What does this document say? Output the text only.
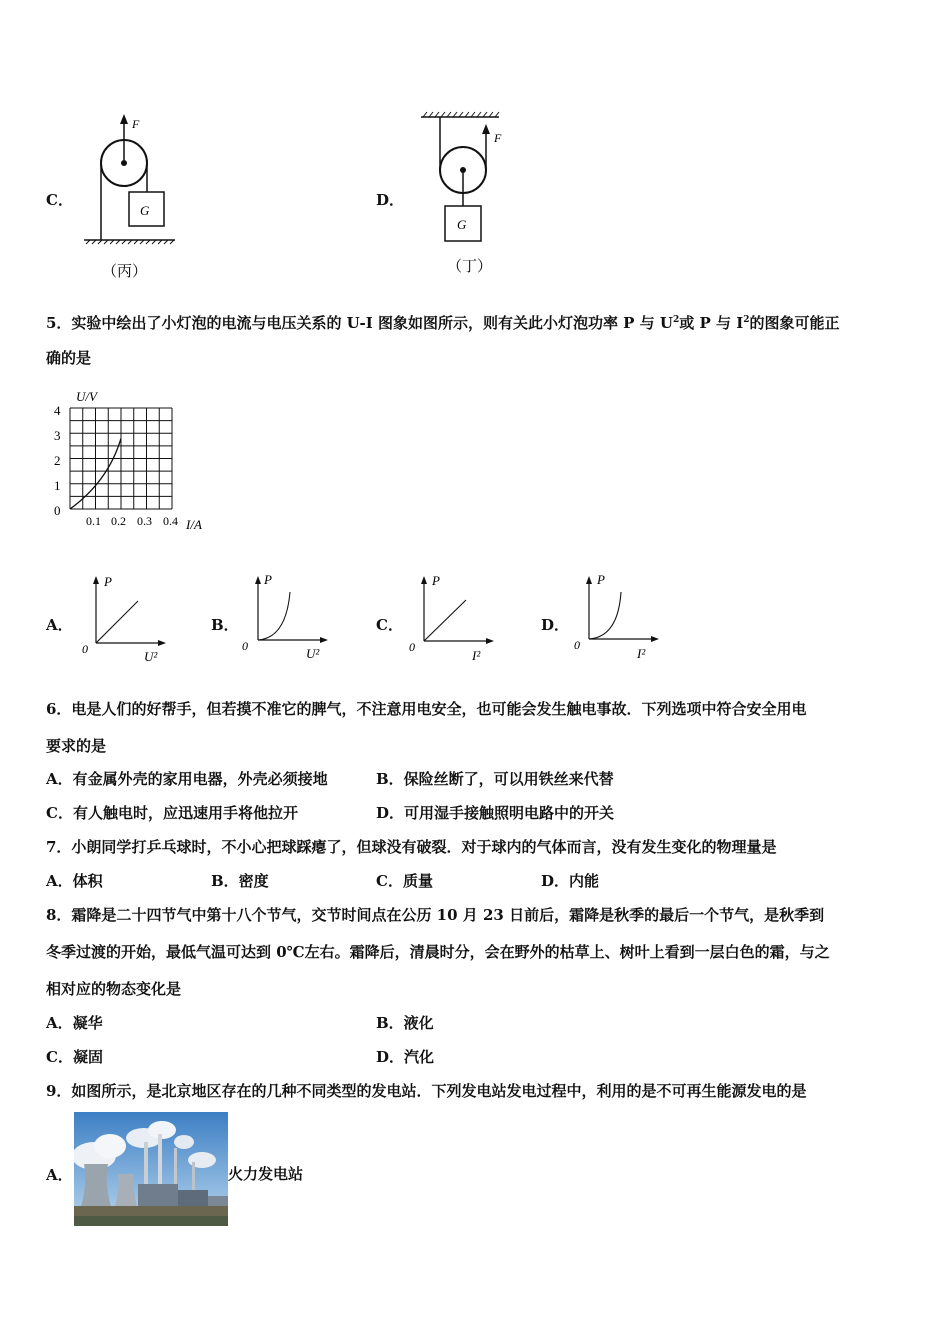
C．
F
G
（丙）
D．
F
G
（丁）
5．实验中绘出了小灯泡的电流与电压关系的 U-I 图象如图所示，则有关此小灯泡功率 P 与 $U^2$或 P 与 $I^2$的图象可能正
确的是
U/V
I/A
4
3
2
1
0
0.1 0.2 0.3 0.4
A．
P
0	U²
B．
P
0	U²
C．
P
0
I²
D．
P
0
I²
6．电是人们的好帮手，但若摸不准它的脾气，不注意用电安全，也可能会发生触电事故．下列选项中符合安全用电
要求的是
A．有金属外壳的家用电器，外壳必须接地	B．保险丝断了，可以用铁丝来代替
C．有人触电时，应迅速用手将他拉开	D．可用湿手接触照明电路中的开关
7．小朗同学打乒乓球时，不小心把球踩瘪了，但球没有破裂．对于球内的气体而言，没有发生变化的物理量是
A．体积	B．密度	C．质量	D．内能
8．霜降是二十四节气中第十八个节气，交节时间点在公历 10 月 23 日前后，霜降是秋季的最后一个节气，是秋季到
冬季过渡的开始，最低气温可达到 0℃左右。霜降后，清晨时分，会在野外的枯草上、树叶上看到一层白色的霜，与之
相对应的物态变化是
A．凝华	B．液化
C．凝固	D．汽化
9．如图所示，是北京地区存在的几种不同类型的发电站．下列发电站发电过程中，利用的是不可再生能源发电的是
A．	火力发电站
